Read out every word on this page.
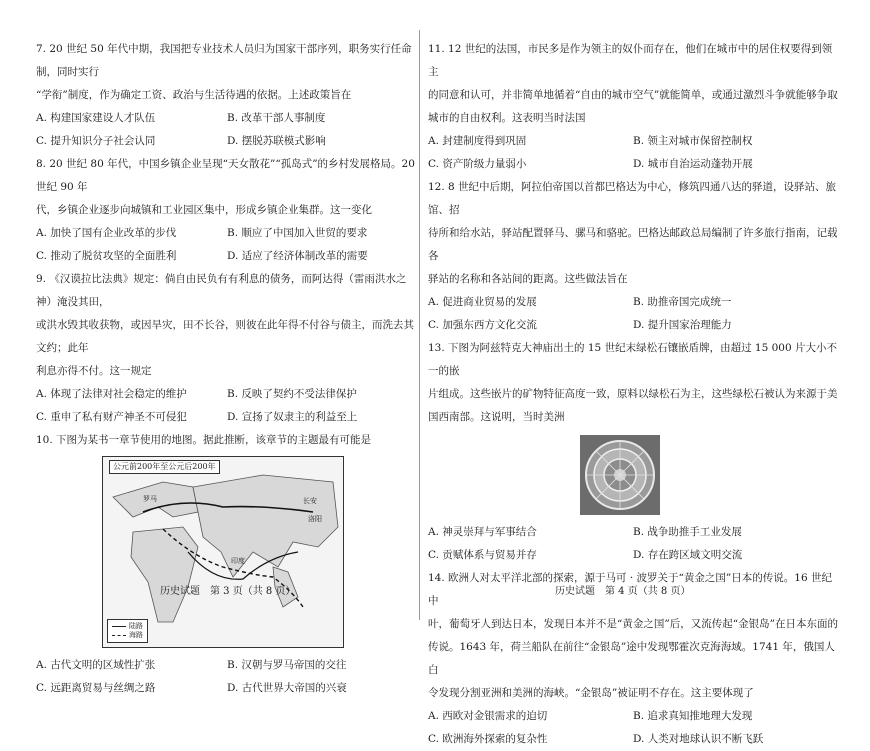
7. 20 世纪 50 年代中期，我国把专业技术人员归为国家干部序列，职务实行任命制，同时实行

“学衔”制度，作为确定工资、政治与生活待遇的依据。上述政策旨在

A. 构建国家建设人才队伍	B. 改革干部人事制度
C. 提升知识分子社会认同	D. 摆脱苏联模式影响

8. 20 世纪 80 年代，中国乡镇企业呈现“天女散花”“孤岛式”的乡村发展格局。20 世纪 90 年

代，乡镇企业逐步向城镇和工业园区集中，形成乡镇企业集群。这一变化

A. 加快了国有企业改革的步伐	B. 顺应了中国加入世贸的要求
C. 推动了脱贫攻坚的全面胜利	D. 适应了经济体制改革的需要

9. 《汉谟拉比法典》规定：倘自由民负有有利息的债务，而阿达得（雷雨洪水之神）淹没其田，

或洪水毁其收获物，或因旱灾，田不长谷，则彼在此年得不付谷与债主，而洗去其文约；此年

利息亦得不付。这一规定

A. 体现了法律对社会稳定的维护	B. 反映了契约不受法律保护
C. 重申了私有财产神圣不可侵犯	D. 宣扬了奴隶主的利益至上

10. 下图为某书一章节使用的地图。据此推断，该章节的主题最有可能是

公元前200年至公元后200年
罗马	长安
洛阳
印度
陆路
海路
A. 古代文明的区域性扩张	B. 汉朝与罗马帝国的交往
C. 远距离贸易与丝绸之路	D. 古代世界大帝国的兴衰

11. 12 世纪的法国，市民多是作为领主的奴仆而存在，他们在城市中的居住权要得到领主

的同意和认可，并非简单地循着“自由的城市空气”就能简单，或通过激烈斗争就能够争取

城市的自由权利。这表明当时法国

A. 封建制度得到巩固	B. 领主对城市保留控制权
C. 资产阶级力量弱小	D. 城市自治运动蓬勃开展

12. 8 世纪中后期，阿拉伯帝国以首都巴格达为中心，修筑四通八达的驿道，设驿站、旅馆、招

待所和给水站，驿站配置驿马、骡马和骆驼。巴格达邮政总局编制了许多旅行指南，记载各

驿站的名称和各站间的距离。这些做法旨在

A. 促进商业贸易的发展	B. 助推帝国完成统一
C. 加强东西方文化交流	D. 提升国家治理能力

13. 下图为阿兹特克大神庙出土的 15 世纪末绿松石镶嵌盾牌，由超过 15 000 片大小不一的嵌

片组成。这些嵌片的矿物特征高度一致，原料以绿松石为主，这些绿松石被认为来源于美

国西南部。这说明，当时美洲

A. 神灵崇拜与军事结合	B. 战争助推手工业发展
C. 贡赋体系与贸易并存	D. 存在跨区域文明交流

14. 欧洲人对太平洋北部的探索，源于马可 · 波罗关于“黄金之国”日本的传说。16 世纪中

叶，葡萄牙人到达日本，发现日本并不是“黄金之国”后，又流传起“金银岛”在日本东面的

传说。1643 年，荷兰船队在前往“金银岛”途中发现鄂霍次克海海域。1741 年，俄国人白

令发现分割亚洲和美洲的海峡。“金银岛”被证明不存在。这主要体现了

A. 西欧对金银需求的迫切	B. 追求真知推地理大发现
C. 欧洲海外探索的复杂性	D. 人类对地球认识不断飞跃
历史试题　第 3 页（共 8 页）	历史试题　第 4 页（共 8 页）
